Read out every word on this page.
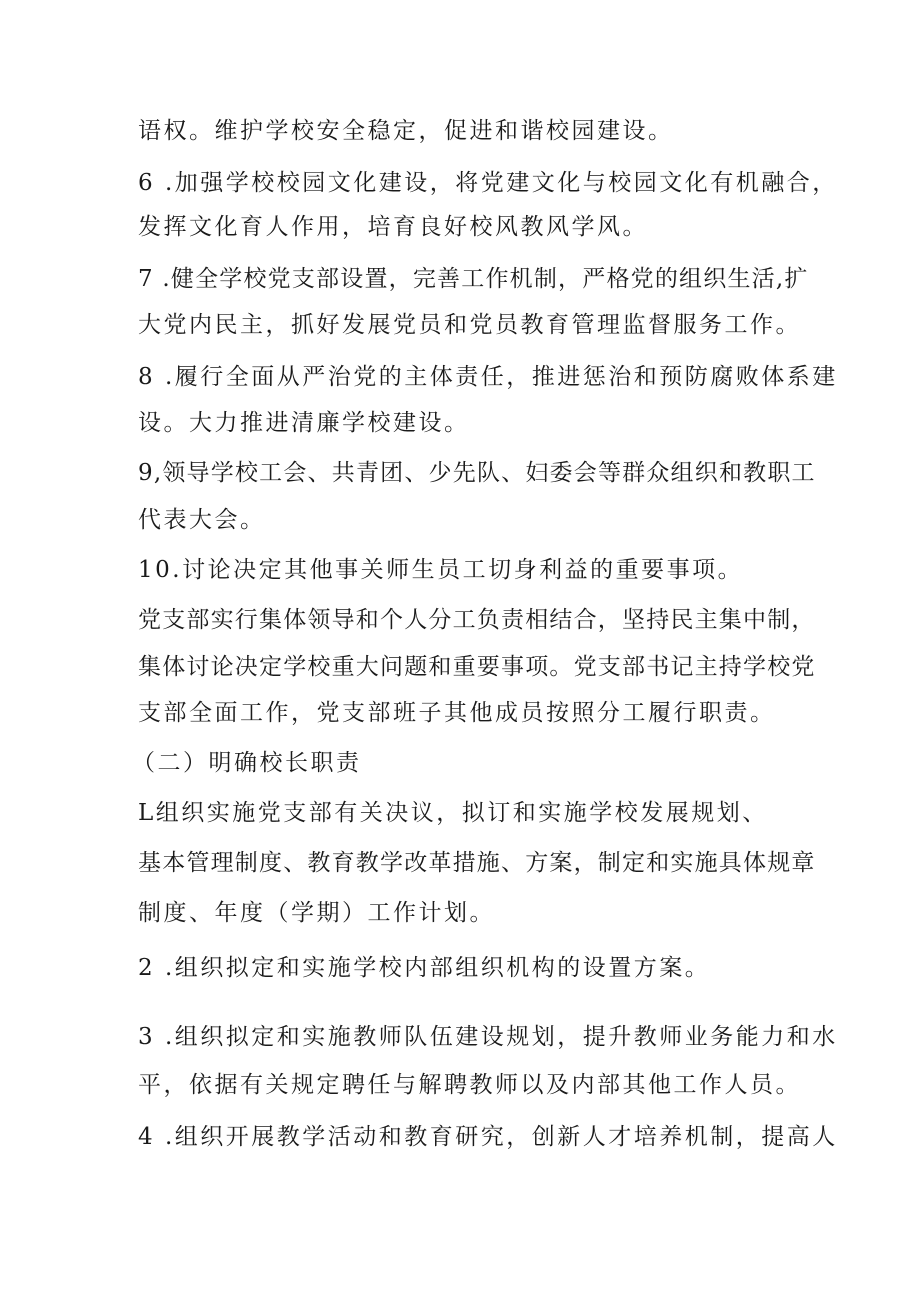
语权。维护学校安全稳定，促进和谐校园建设。
6 .加强学校校园文化建设，将党建文化与校园文化有机融合，
发挥文化育人作用，培育良好校风教风学风。
7 .健全学校党支部设置，完善工作机制，严格党的组织生活,扩
大党内民主，抓好发展党员和党员教育管理监督服务工作。
8 .履行全面从严治党的主体责任，推进惩治和预防腐败体系建
设。大力推进清廉学校建设。
9,领导学校工会、共青团、少先队、妇委会等群众组织和教职工
代表大会。
10.讨论决定其他事关师生员工切身利益的重要事项。
党支部实行集体领导和个人分工负责相结合，坚持民主集中制，
集体讨论决定学校重大问题和重要事项。党支部书记主持学校党
支部全面工作，党支部班子其他成员按照分工履行职责。
（二）明确校长职责
L组织实施党支部有关决议，拟订和实施学校发展规划、
基本管理制度、教育教学改革措施、方案，制定和实施具体规章
制度、年度（学期）工作计划。
2 .组织拟定和实施学校内部组织机构的设置方案。
3 .组织拟定和实施教师队伍建设规划，提升教师业务能力和水
平，依据有关规定聘任与解聘教师以及内部其他工作人员。
4 .组织开展教学活动和教育研究，创新人才培养机制，提高人
